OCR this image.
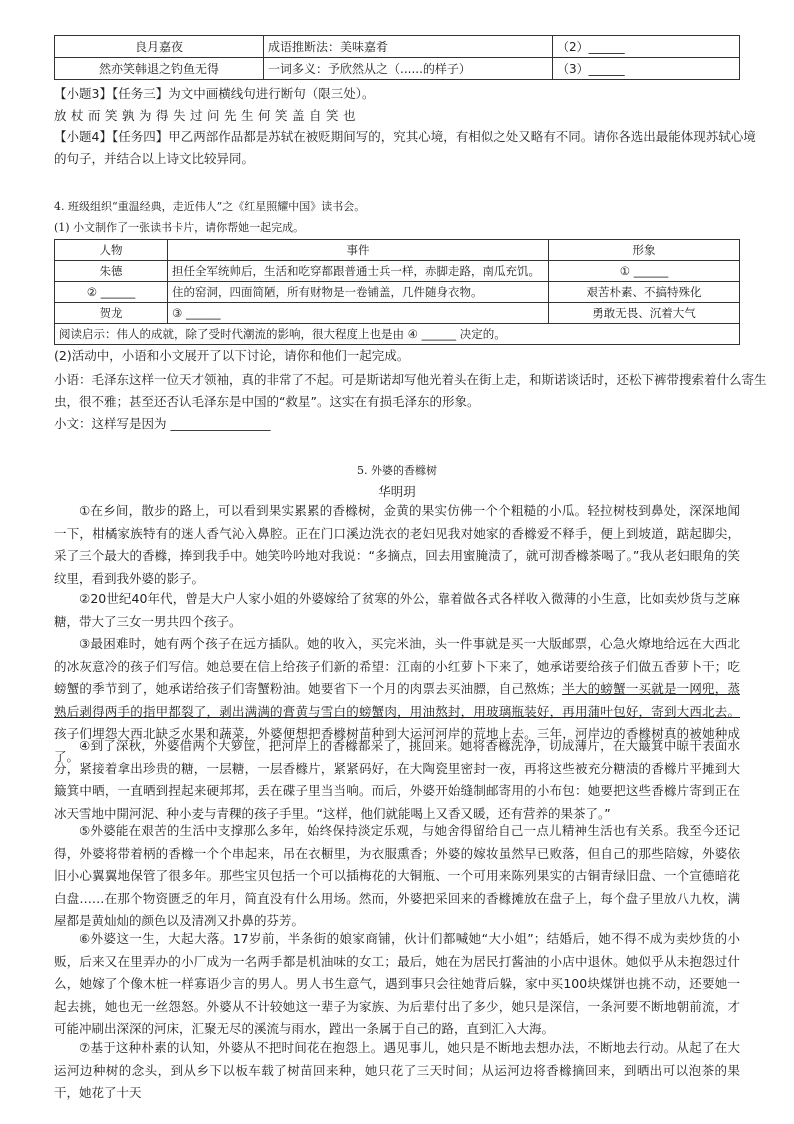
良月嘉夜	成语推断法：美味嘉肴	（2）______
然亦笑韩退之钓鱼无得	一词多义：予欣然从之（......的样子）	（3）______
【小题3】【任务三】为文中画横线句进行断句（限三处）。
放杖而笑孰为得失过问先生何笑盖自笑也
【小题4】【任务四】甲乙两部作品都是苏轼在被贬期间写的，究其心境，有相似之处又略有不同。请你各选出最能体现苏轼心境
的句子，并结合以上诗文比较异同。
4. 班级组织“重温经典，走近伟人”之《红星照耀中国》读书会。
(1) 小文制作了一张读书卡片，请你帮她一起完成。
人物	事件	形象
朱德	担任全军统帅后，生活和吃穿都跟普通士兵一样，赤脚走路，南瓜充饥。	① ______
② ______	住的窑洞，四面简陋，所有财物是一卷铺盖，几件随身衣物。	艰苦朴素、不搞特殊化
贺龙	③ ______	勇敢无畏、沉着大气
阅读启示：伟人的成就，除了受时代潮流的影响，很大程度上也是由 ④ ______ 决定的。		
(2)活动中，小语和小文展开了以下讨论，请你和他们一起完成。
小语：毛泽东这样一位天才领袖，真的非常了不起。可是斯诺却写他光着头在街上走，和斯诺谈话时，还松下裤带搜索着什么寄生
虫，很不雅；甚至还否认毛泽东是中国的“救星”。这实在有损毛泽东的形象。
小文：这样写是因为 ________________
5. 外婆的香橼树
华明玥
①在乡间，散步的路上，可以看到果实累累的香橼树，金黄的果实仿佛一个个粗糙的小瓜。轻拉树枝到鼻处，深深地闻一下，柑橘家族特有的迷人香气沁入鼻腔。正在门口溪边洗衣的老妇见我对她家的香橼爱不释手，便上到坡道，踮起脚尖，采了三个最大的香橼，捧到我手中。她笑吟吟地对我说：“多摘点，回去用蜜腌渍了，就可沏香橼茶喝了。”我从老妇眼角的笑纹里，看到我外婆的影子。
②20世纪40年代，曾是大户人家小姐的外婆嫁给了贫寒的外公，靠着做各式各样收入微薄的小生意，比如卖炒货与芝麻糖，带大了三女一男共四个孩子。
③最困难时，她有两个孩子在远方插队。她的收入，买完米油，头一件事就是买一大版邮票，心急火燎地给远在大西北的冰灰意冷的孩子们写信。她总要在信上给孩子们新的希望：江南的小红萝卜下来了，她承诺要给孩子们做五香萝卜干；吃螃蟹的季节到了，她承诺给孩子们寄蟹粉油。她要省下一个月的肉票去买油膘，自己熬炼；半大的螃蟹一买就是一网兜，蒸熟后剥得两手的指甲都裂了，剥出满满的膏黄与雪白的螃蟹肉，用油熬封，用玻璃瓶装好，再用蒲叶包好，寄到大西北去。孩子们埋怨大西北缺乏水果和蔬菜，外婆便想把香橼树苗种到大运河河岸的荒地上去。三年，河岸边的香橼树真的被她种成了。
④到了深秋，外婆借两个大箩筐，把河岸上的香橼都采了，挑回来。她将香橼洗净，切成薄片，在大簸箕中晾干表面水分，紧接着拿出珍贵的糖，一层糖，一层香橼片，紧紧码好，在大陶瓷里密封一夜，再将这些被充分糖渍的香橼片平摊到大簸箕中晒，一直晒到捏起来硬邦邦，丢在碟子里当当响。而后，外婆开始缝制邮寄用的小布包：她要把这些香橼片寄到正在冰天雪地中開河泥、种小麦与青稞的孩子手里。“这样，他们就能喝上又香又暖，还有营养的果茶了。”
⑤外婆能在艰苦的生活中支撑那么多年，始终保持淡定乐观，与她舍得留给自己一点儿精神生活也有关系。我至今还记得，外婆将带着柄的香橼一个个串起来，吊在衣橱里，为衣服熏香；外婆的嫁妆虽然早已败落，但自己的那些陪嫁，外婆依旧小心翼翼地保管了很多年。那些宝贝包括一个可以插梅花的大铜瓶、一个可用来陈列果实的古铜青绿旧盘、一个宣德暗花白盘……在那个物资匮乏的年月，简直没有什么用场。然而，外婆把采回来的香橼摊放在盘子上，每个盘子里放八九枚，满屋都是黄灿灿的颜色以及清冽又扑鼻的芬芳。
⑥外婆这一生，大起大落。17岁前，半条街的娘家商铺，伙计们都喊她“大小姐”；结婚后，她不得不成为卖炒货的小贩，后来又在里弄办的小厂成为一名两手都是机油味的女工；最后，她在为居民打酱油的小店中退休。她似乎从未抱怨过什么，她嫁了个像木桩一样寡语少言的男人。男人书生意气，遇到事只会往她背后躲，家中买100块煤饼也挑不动，还要她一起去挑，她也无一丝怨怒。外婆从不计较她这一辈子为家族、为后辈付出了多少，她只是深信，一条河要不断地朝前流，才可能冲刷出深深的河床，汇聚无尽的溪流与雨水，蹚出一条属于自己的路，直到汇入大海。
⑦基于这种朴素的认知，外婆从不把时间花在抱怨上。遇见事儿，她只是不断地去想办法，不断地去行动。从起了在大运河边种树的念头，到从乡下以板车载了树苗回来种，她只花了三天时间；从运河边将香橼摘回来，到晒出可以泡茶的果干，她花了十天
